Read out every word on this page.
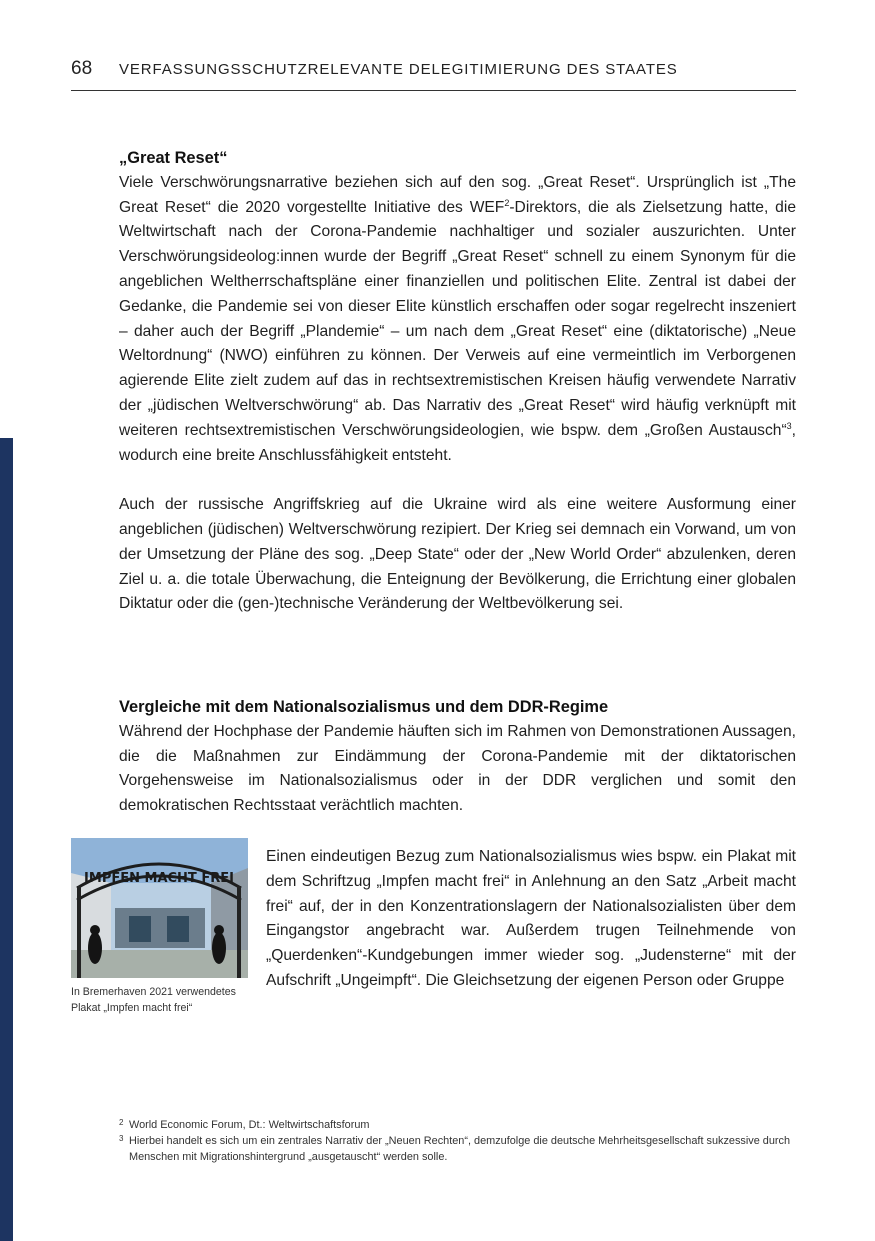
68 VERFASSUNGSSCHUTZRELEVANTE DELEGITIMIERUNG DES STAATES
„Great Reset“

Viele Verschwörungsnarrative beziehen sich auf den sog. „Great Reset“. Ursprünglich ist „The Great Reset“ die 2020 vorgestellte Initiative des WEF$^2$-Direktors, die als Zielsetzung hatte, die Weltwirtschaft nach der Corona-Pandemie nachhaltiger und sozialer auszurichten. Unter Verschwörungsideolog:innen wurde der Begriff „Great Reset“ schnell zu einem Synonym für die angeblichen Weltherrschaftspläne einer finanziellen und politischen Elite. Zentral ist dabei der Gedanke, die Pandemie sei von dieser Elite künstlich erschaffen oder sogar regelrecht inszeniert – daher auch der Begriff „Plandemie“ – um nach dem „Great Reset“ eine (diktatorische) „Neue Weltordnung“ (NWO) einführen zu können. Der Verweis auf eine vermeintlich im Verborgenen agierende Elite zielt zudem auf das in rechtsextremistischen Kreisen häufig verwendete Narrativ der „jüdischen Weltverschwörung“ ab. Das Narrativ des „Great Reset“ wird häufig verknüpft mit weiteren rechtsextremistischen Verschwörungsideologien, wie bspw. dem „Großen Austausch“$^3$, wodurch eine breite Anschlussfähigkeit entsteht.

Auch der russische Angriffskrieg auf die Ukraine wird als eine weitere Ausformung einer angeblichen (jüdischen) Weltverschwörung rezipiert. Der Krieg sei demnach ein Vorwand, um von der Umsetzung der Pläne des sog. „Deep State“ oder der „New World Order“ abzulenken, deren Ziel u. a. die totale Überwachung, die Enteignung der Bevölkerung, die Errichtung einer globalen Diktatur oder die (gen-)technische Veränderung der Weltbevölkerung sei.

Vergleiche mit dem Nationalsozialismus und dem DDR-Regime

Während der Hochphase der Pandemie häuften sich im Rahmen von Demonstrationen Aussagen, die die Maßnahmen zur Eindämmung der Corona-Pandemie mit der diktatorischen Vorgehensweise im Nationalsozialismus oder in der DDR verglichen und somit den demokratischen Rechtsstaat verächtlich machten.

IMPFEN MACHT FREI
In Bremerhaven 2021 verwendetes Plakat „Impfen macht frei“

Einen eindeutigen Bezug zum Nationalsozialismus wies bspw. ein Plakat mit dem Schriftzug „Impfen macht frei“ in Anlehnung an den Satz „Arbeit macht frei“ auf, der in den Konzentrationslagern der Nationalsozialisten über dem Eingangstor angebracht war. Außerdem trugen Teilnehmende von „Querdenken“-Kundgebungen immer wieder sog. „Judensterne“ mit der Aufschrift „Ungeimpft“. Die Gleichsetzung der eigenen Person oder Gruppe

2 World Economic Forum, Dt.: Weltwirtschaftsforum
3 Hierbei handelt es sich um ein zentrales Narrativ der „Neuen Rechten“, demzufolge die deutsche Mehrheitsgesellschaft sukzessive durch Menschen mit Migrationshintergrund „ausgetauscht“ werden solle.
